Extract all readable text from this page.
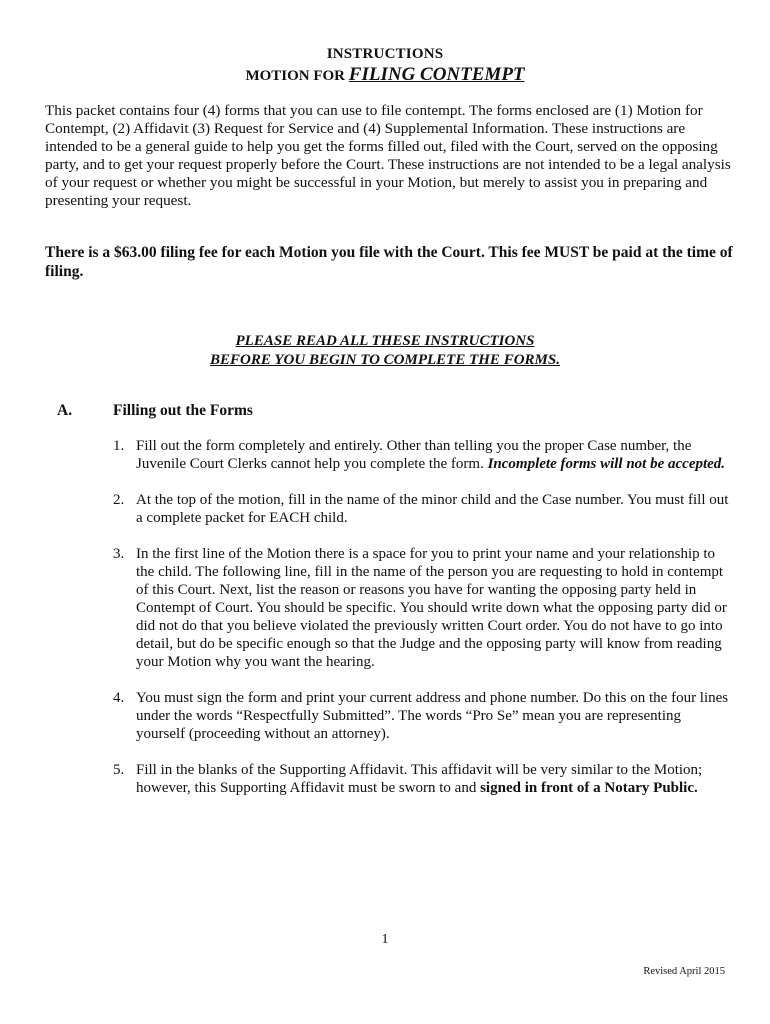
INSTRUCTIONS
MOTION FOR FILING CONTEMPT

This packet contains four (4) forms that you can use to file contempt. The forms enclosed are (1) Motion for Contempt, (2) Affidavit (3) Request for Service and (4) Supplemental Information. These instructions are intended to be a general guide to help you get the forms filled out, filed with the Court, served on the opposing party, and to get your request properly before the Court. These instructions are not intended to be a legal analysis of your request or whether you might be successful in your Motion, but merely to assist you in preparing and presenting your request.

There is a $63.00 filing fee for each Motion you file with the Court. This fee MUST be paid at the time of filing.

PLEASE READ ALL THESE INSTRUCTIONS
BEFORE YOU BEGIN TO COMPLETE THE FORMS.
A.	Filling out the Forms
1. Fill out the form completely and entirely. Other than telling you the proper Case number, the Juvenile Court Clerks cannot help you complete the form. Incomplete forms will not be accepted.
2. At the top of the motion, fill in the name of the minor child and the Case number. You must fill out a complete packet for EACH child.
3. In the first line of the Motion there is a space for you to print your name and your relationship to the child. The following line, fill in the name of the person you are requesting to hold in contempt of this Court. Next, list the reason or reasons you have for wanting the opposing party held in Contempt of Court. You should be specific. You should write down what the opposing party did or did not do that you believe violated the previously written Court order. You do not have to go into detail, but do be specific enough so that the Judge and the opposing party will know from reading your Motion why you want the hearing.
4. You must sign the form and print your current address and phone number. Do this on the four lines under the words “Respectfully Submitted”. The words “Pro Se” mean you are representing yourself (proceeding without an attorney).
5. Fill in the blanks of the Supporting Affidavit. This affidavit will be very similar to the Motion; however, this Supporting Affidavit must be sworn to and signed in front of a Notary Public.
1
Revised April 2015
